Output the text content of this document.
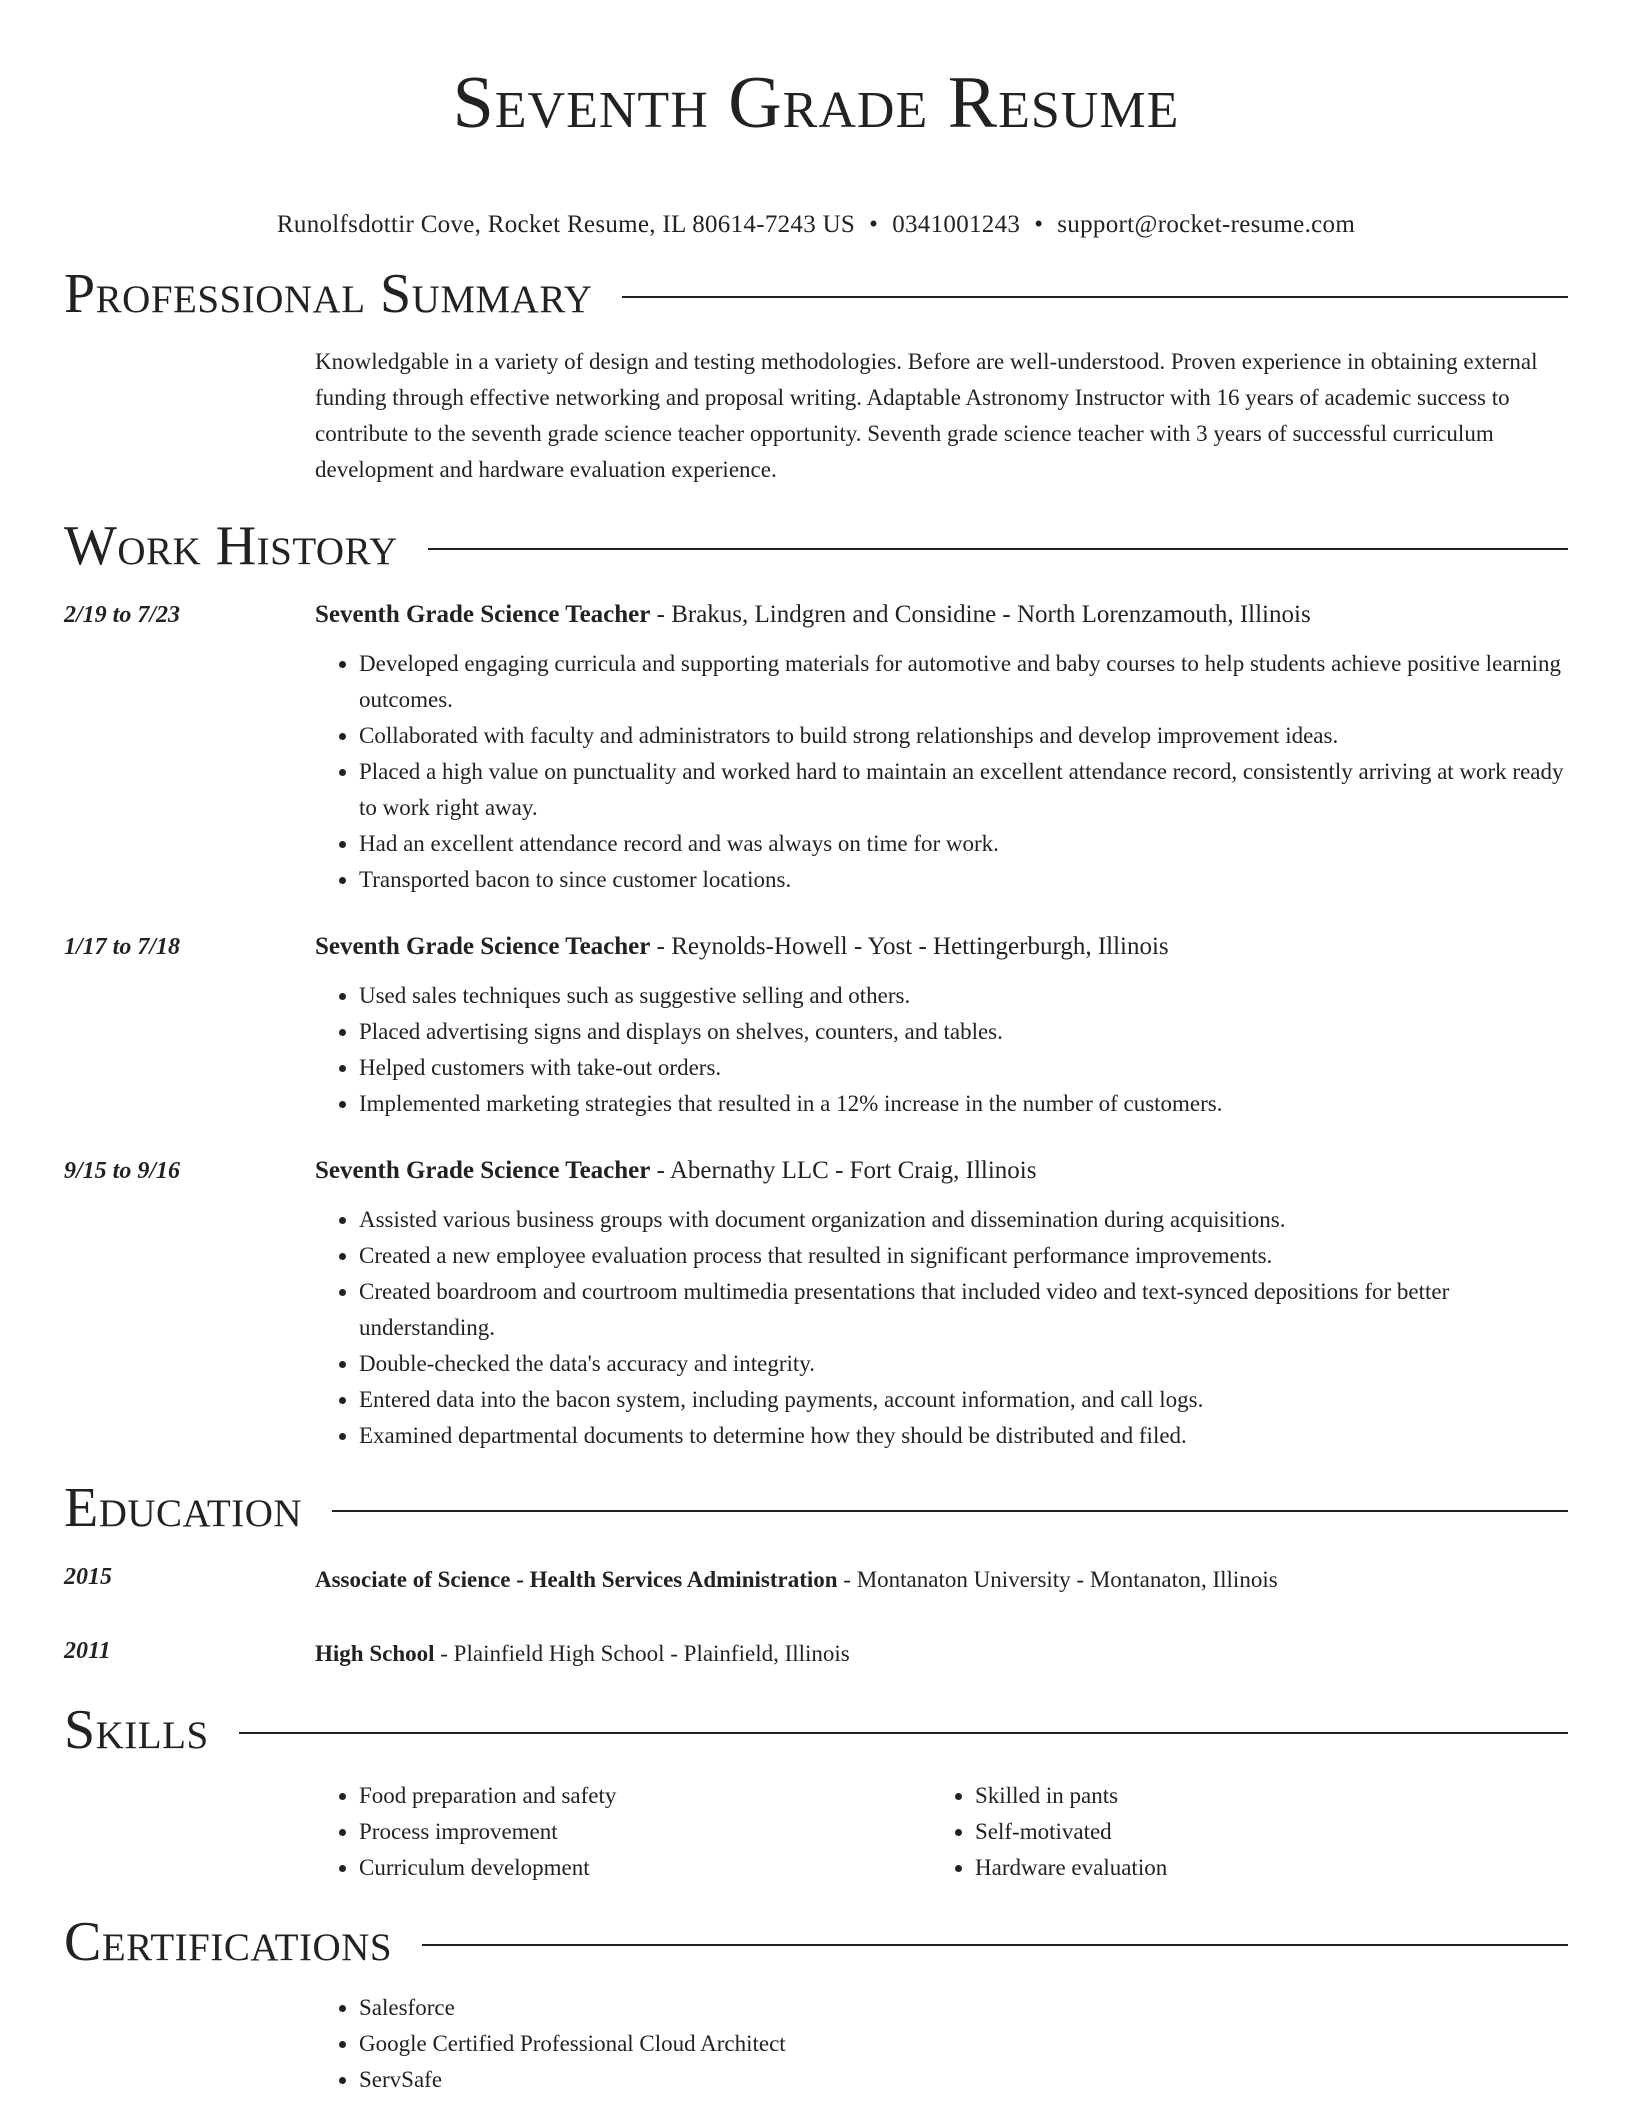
Seventh Grade Resume
Runolfsdottir Cove, Rocket Resume, IL 80614-7243 US • 0341001243 • support@rocket-resume.com
Professional Summary
Knowledgable in a variety of design and testing methodologies. Before are well-understood. Proven experience in obtaining external funding through effective networking and proposal writing. Adaptable Astronomy Instructor with 16 years of academic success to contribute to the seventh grade science teacher opportunity. Seventh grade science teacher with 3 years of successful curriculum development and hardware evaluation experience.
Work History
2/19 to 7/23	Seventh Grade Science Teacher - Brakus, Lindgren and Considine - North Lorenzamouth, Illinois
• Developed engaging curricula and supporting materials for automotive and baby courses to help students achieve positive learning outcomes.
• Collaborated with faculty and administrators to build strong relationships and develop improvement ideas.
• Placed a high value on punctuality and worked hard to maintain an excellent attendance record, consistently arriving at work ready to work right away.
• Had an excellent attendance record and was always on time for work.
• Transported bacon to since customer locations.
1/17 to 7/18	Seventh Grade Science Teacher - Reynolds-Howell - Yost - Hettingerburgh, Illinois
• Used sales techniques such as suggestive selling and others.
• Placed advertising signs and displays on shelves, counters, and tables.
• Helped customers with take-out orders.
• Implemented marketing strategies that resulted in a 12% increase in the number of customers.
9/15 to 9/16	Seventh Grade Science Teacher - Abernathy LLC - Fort Craig, Illinois
• Assisted various business groups with document organization and dissemination during acquisitions.
• Created a new employee evaluation process that resulted in significant performance improvements.
• Created boardroom and courtroom multimedia presentations that included video and text-synced depositions for better understanding.
• Double-checked the data's accuracy and integrity.
• Entered data into the bacon system, including payments, account information, and call logs.
• Examined departmental documents to determine how they should be distributed and filed.
Education
2015	Associate of Science - Health Services Administration - Montanaton University - Montanaton, Illinois
2011	High School - Plainfield High School - Plainfield, Illinois
Skills
• Food preparation and safety
• Process improvement
• Curriculum development
• Skilled in pants
• Self-motivated
• Hardware evaluation
Certifications
• Salesforce
• Google Certified Professional Cloud Architect
• ServSafe
